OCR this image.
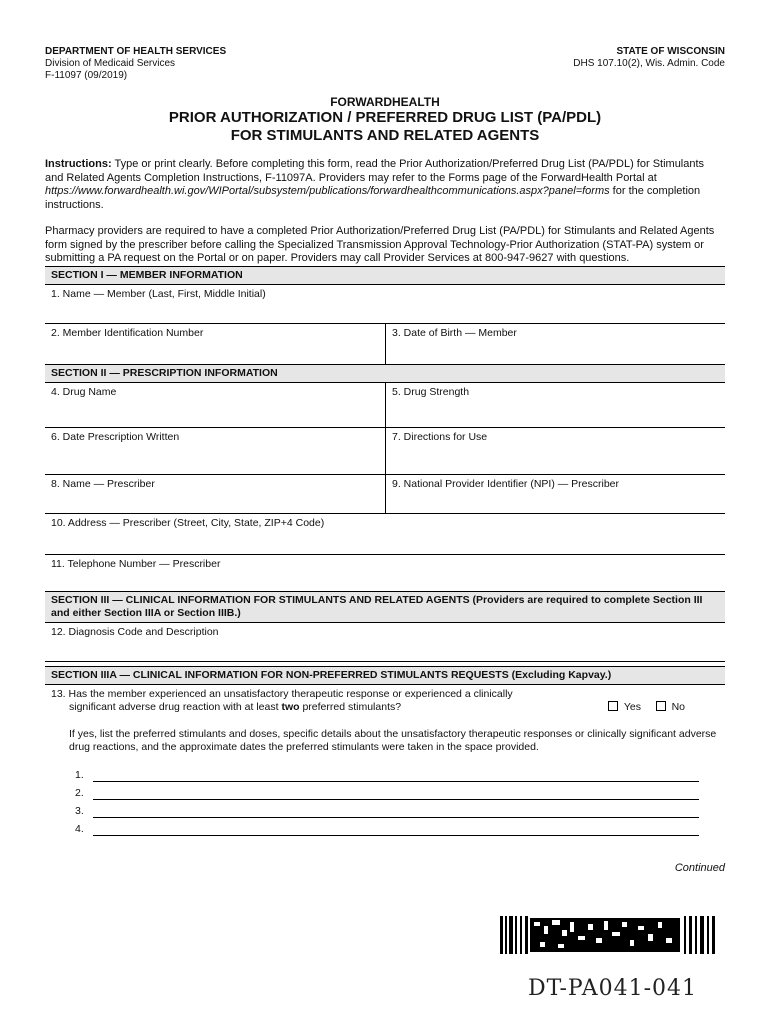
DEPARTMENT OF HEALTH SERVICES
Division of Medicaid Services
F-11097 (09/2019)
STATE OF WISCONSIN
DHS 107.10(2), Wis. Admin. Code
FORWARDHEALTH
PRIOR AUTHORIZATION / PREFERRED DRUG LIST (PA/PDL)
FOR STIMULANTS AND RELATED AGENTS
Instructions: Type or print clearly. Before completing this form, read the Prior Authorization/Preferred Drug List (PA/PDL) for Stimulants and Related Agents Completion Instructions, F-11097A. Providers may refer to the Forms page of the ForwardHealth Portal at https://www.forwardhealth.wi.gov/WIPortal/subsystem/publications/forwardhealthcommunications.aspx?panel=forms for the completion instructions.
Pharmacy providers are required to have a completed Prior Authorization/Preferred Drug List (PA/PDL) for Stimulants and Related Agents form signed by the prescriber before calling the Specialized Transmission Approval Technology-Prior Authorization (STAT-PA) system or submitting a PA request on the Portal or on paper. Providers may call Provider Services at 800-947-9627 with questions.
SECTION I — MEMBER INFORMATION
1. Name — Member (Last, First, Middle Initial)
2. Member Identification Number	3. Date of Birth — Member
SECTION II — PRESCRIPTION INFORMATION
4. Drug Name	5. Drug Strength
6. Date Prescription Written	7. Directions for Use
8. Name — Prescriber	9. National Provider Identifier (NPI) — Prescriber
10. Address — Prescriber (Street, City, State, ZIP+4 Code)
11. Telephone Number — Prescriber
SECTION III — CLINICAL INFORMATION FOR STIMULANTS AND RELATED AGENTS (Providers are required to complete Section III and either Section IIIA or Section IIIB.)
12. Diagnosis Code and Description
SECTION IIIA — CLINICAL INFORMATION FOR NON-PREFERRED STIMULANTS REQUESTS (Excluding Kapvay.)
13. Has the member experienced an unsatisfactory therapeutic response or experienced a clinically
significant adverse drug reaction with at least two preferred stimulants?	Yes	No
If yes, list the preferred stimulants and doses, specific details about the unsatisfactory therapeutic responses or clinically significant adverse drug reactions, and the approximate dates the preferred stimulants were taken in the space provided.
1.
2.
3.
4.
Continued
DT-PA041-041
